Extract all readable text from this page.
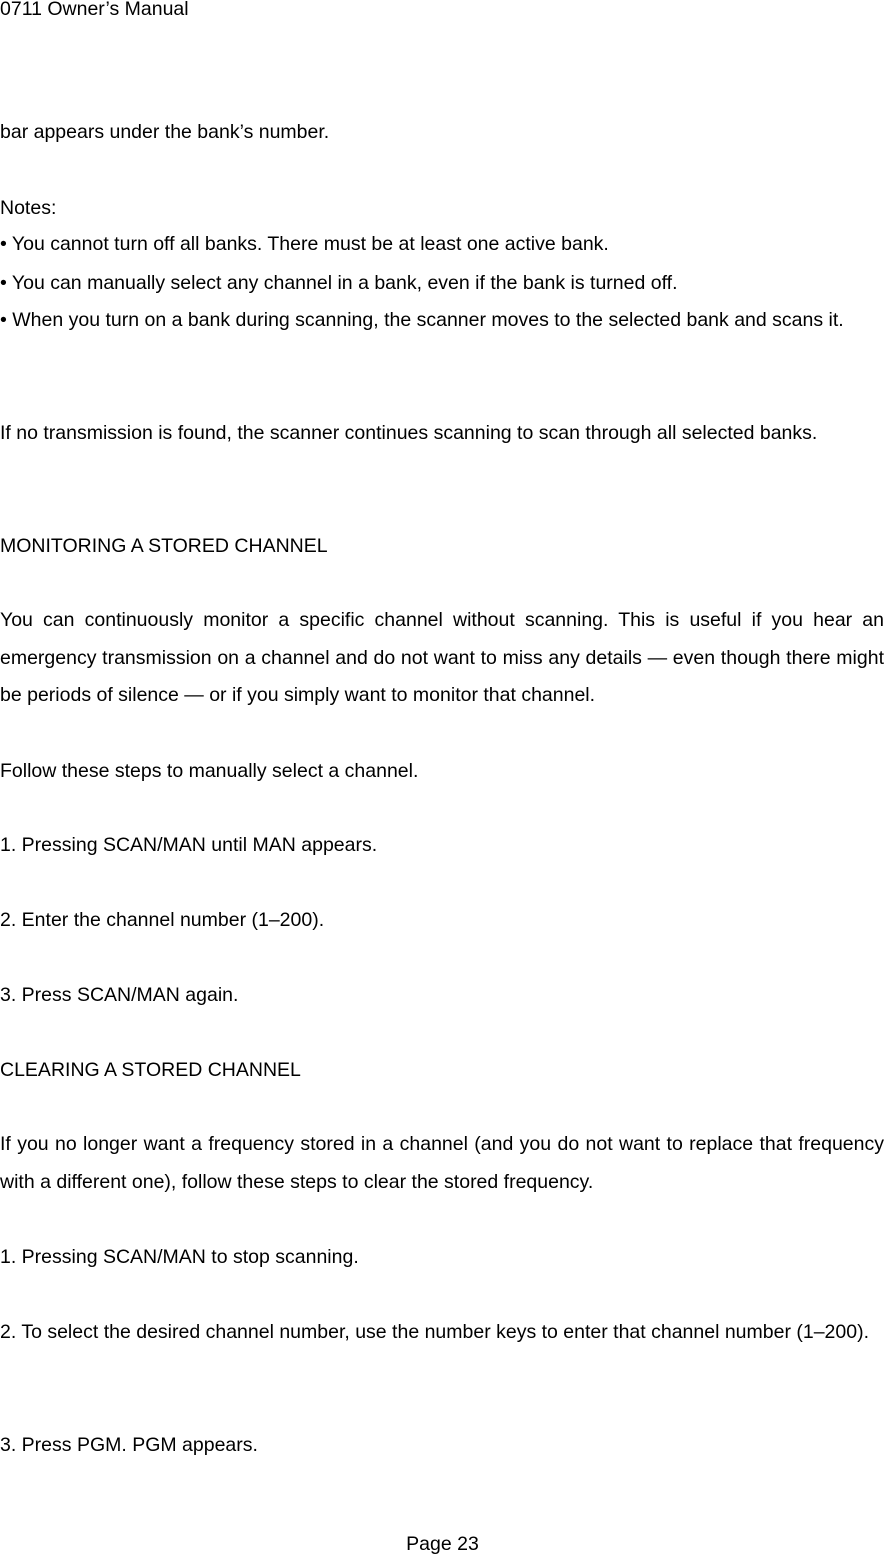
0711 Owner’s Manual
bar appears under the bank’s number.
Notes:
• You cannot turn off all banks. There must be at least one active bank.
• You can manually select any channel in a bank, even if the bank is turned off.
• When you turn on a bank during scanning, the scanner moves to the selected bank and scans it.
If no transmission is found, the scanner continues scanning to scan through all selected banks.
MONITORING A STORED CHANNEL
You can continuously monitor a specific channel without scanning. This is useful if you hear an emergency transmission on a channel and do not want to miss any details — even though there might be periods of silence — or if you simply want to monitor that channel.
Follow these steps to manually select a channel.
1. Pressing SCAN/MAN until MAN appears.
2. Enter the channel number (1–200).
3. Press SCAN/MAN again.
CLEARING A STORED CHANNEL
If you no longer want a frequency stored in a channel (and you do not want to replace that frequency with a different one), follow these steps to clear the stored frequency.
1. Pressing SCAN/MAN to stop scanning.
2. To select the desired channel number, use the number keys to enter that channel number (1–200).
3. Press PGM. PGM appears.
Page 23
